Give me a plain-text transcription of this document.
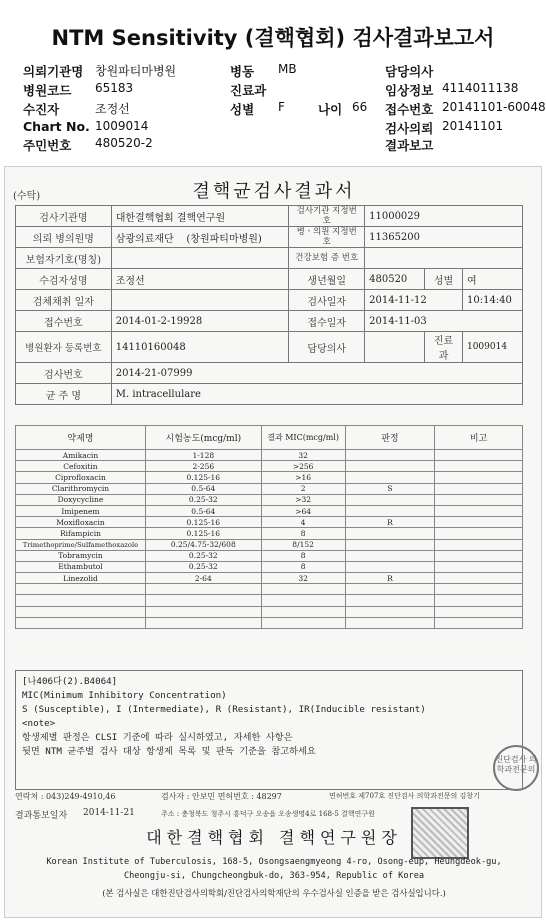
NTM Sensitivity (결핵협회) 검사결과보고서
의뢰기관명 창원파티마병원	병동 MB	담당의사
병원코드 65183	진료과	임상정보 4114011138
수진자	조정선	성별 F	나이 66 접수번호 20141101-60048
Chart No. 1009014	검사의뢰 20141101
주민번호 480520-2	결과보고
(수탁)	결핵균검사결과서
검사기관명	대한결핵협회 결핵연구원	검사기관 지정번호	11000029		
의뢰 병의원명	삼광의료재단 (창원파티마병원)	병ㆍ의원 지정번호	11365200		
보험자기호(명칭)		건강보험 증 번호			
수검자성명	조정선	생년월일	480520	성별	여
검체채취 일자		검사일자	2014-11-12		10:14:40
접수번호	2014-01-2-19928	접수일자	2014-11-03		
병원환자 등록번호	14110160048	담당의사		진료과	1009014
검사번호	2014-21-07999				
균 주 명	M. intracellulare				
약제명	시험농도(mcg/ml)	결과 MIC(mcg/ml)	판정	비고
Amikacin	1-128	32		
Cefoxitin	2-256	>256		
Ciprofloxacin	0.125-16	>16		
Clarithromycin	0.5-64	2	S	
Doxycycline	0.25-32	>32		
Imipenem	0.5-64	>64		
Moxifloxacin	0.125-16	4	R	
Rifampicin	0.125-16	8		
Trimethoprime/Sulfamethoxazole	0.25/4.75-32/608	8/152		
Tobramycin	0.25-32	8		
Ethambutol	0.25-32	8		
Linezolid	2-64	32	R	

[나406다(2).B4064]
MIC(Minimum Inhibitory Concentration)
S (Susceptible), I (Intermediate), R (Resistant), IR(Inducible resistant)
<note>
항생제별 판정은 CLSI 기준에 따라 실시하였고, 자세한 사항은
뒷면 NTM 균주별 검사 대상 항생제 목록 및 판독 기준을 참고하세요
연락처 : 043)249-4910,46	검사자 : 안보민 면허번호 : 48297	면허번호 제707호 진단검사 의학과전문의 김창기
결과통보일자 2014-11-21	주소 : 충청북도 청주시 흥덕구 오송읍 오송생명4로 168-5 결핵연구원
진단검사 의학과전문의
대한결핵협회 결핵연구원장
Korean Institute of Tuberculosis, 168-5, Osongsaengmyeong 4-ro, Osong-eup, Heungdeok-gu,
Cheongju-si, Chungcheongbuk-do, 363-954, Republic of Korea
(본 검사실은 대한진단검사의학회/진단검사의학재단의 우수검사실 인증을 받은 검사실입니다.)
